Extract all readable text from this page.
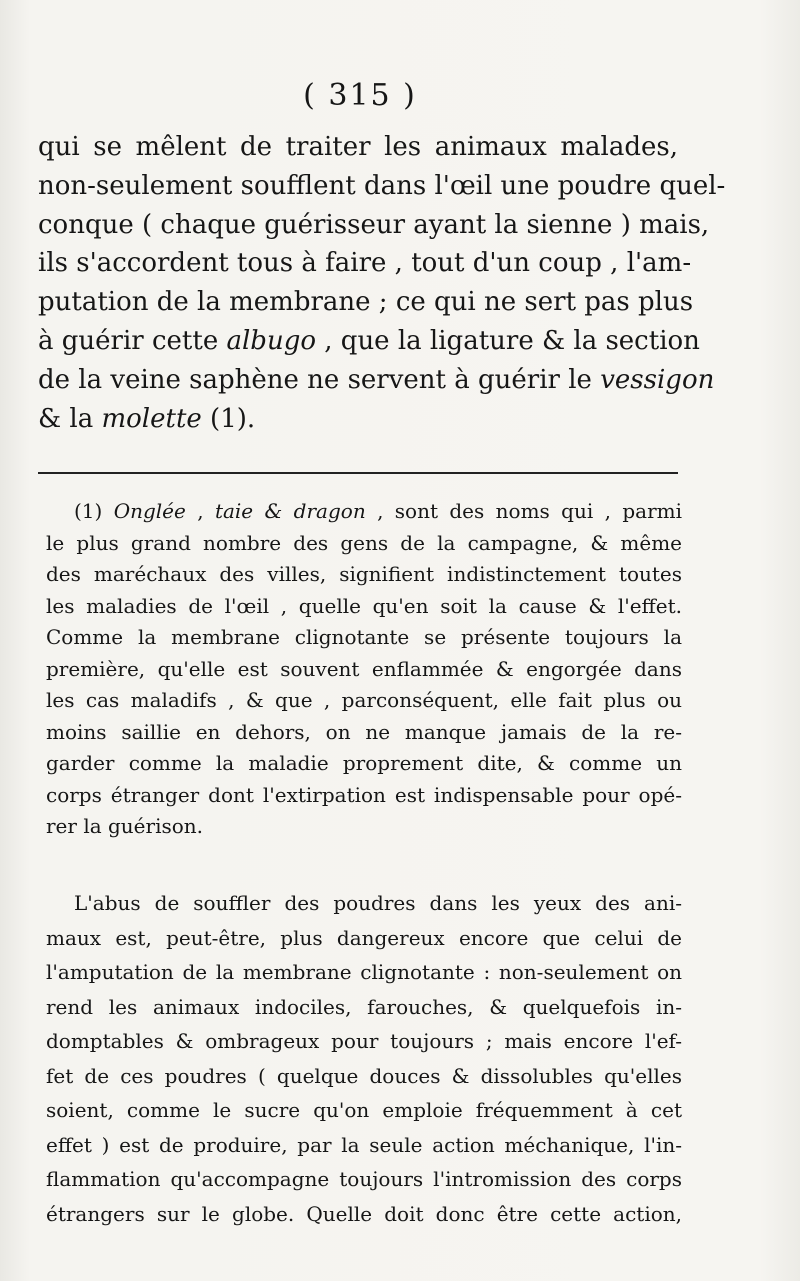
( 315 )
qui se mêlent de traiter les animaux malades,
non-seulement soufflent dans l'œil une poudre quel-
conque ( chaque guérisseur ayant la sienne ) mais,
ils s'accordent tous à faire , tout d'un coup , l'am-
putation de la membrane ; ce qui ne sert pas plus
à guérir cette albugo , que la ligature & la section
de la veine saphène ne servent à guérir le vessigon
& la molette (1).
(1) Onglée , taie & dragon , sont des noms qui , parmi
le plus grand nombre des gens de la campagne, & même
des maréchaux des villes, signifient indistinctement toutes
les maladies de l'œil , quelle qu'en soit la cause & l'effet.
Comme la membrane clignotante se présente toujours la
première, qu'elle est souvent enflammée & engorgée dans
les cas maladifs , & que , parconséquent, elle fait plus ou
moins saillie en dehors, on ne manque jamais de la re-
garder comme la maladie proprement dite, & comme un
corps étranger dont l'extirpation est indispensable pour opé-
rer la guérison.
L'abus de souffler des poudres dans les yeux des ani-
maux est, peut-être, plus dangereux encore que celui de
l'amputation de la membrane clignotante : non-seulement on
rend les animaux indociles, farouches, & quelquefois in-
domptables & ombrageux pour toujours ; mais encore l'ef-
fet de ces poudres ( quelque douces & dissolubles qu'elles
soient, comme le sucre qu'on emploie fréquemment à cet
effet ) est de produire, par la seule action méchanique, l'in-
flammation qu'accompagne toujours l'intromission des corps
étrangers sur le globe. Quelle doit donc être cette action,
